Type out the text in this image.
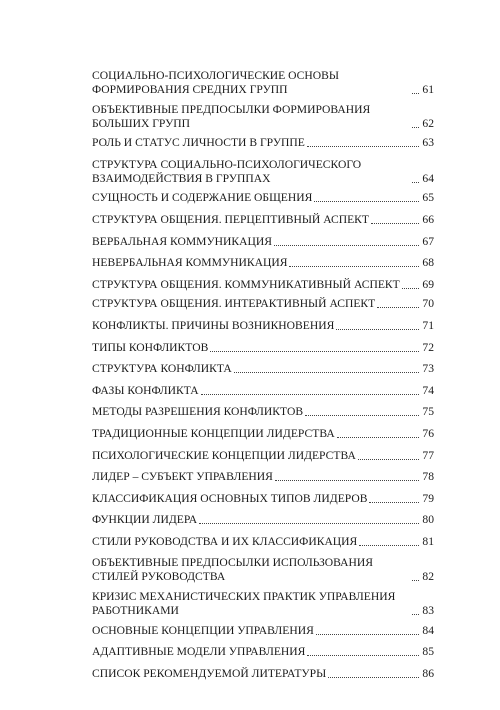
СОЦИАЛЬНО-ПСИХОЛОГИЧЕСКИЕ ОСНОВЫ ФОРМИРОВАНИЯ СРЕДНИХ ГРУПП	61
ОБЪЕКТИВНЫЕ ПРЕДПОСЫЛКИ ФОРМИРОВАНИЯ БОЛЬШИХ ГРУПП	62
РОЛЬ И СТАТУС ЛИЧНОСТИ В ГРУППЕ	63
СТРУКТУРА СОЦИАЛЬНО-ПСИХОЛОГИЧЕСКОГО ВЗАИМОДЕЙСТВИЯ В ГРУППАХ	64
СУЩНОСТЬ И СОДЕРЖАНИЕ ОБЩЕНИЯ	65
СТРУКТУРА ОБЩЕНИЯ. ПЕРЦЕПТИВНЫЙ АСПЕКТ	66
ВЕРБАЛЬНАЯ КОММУНИКАЦИЯ	67
НЕВЕРБАЛЬНАЯ КОММУНИКАЦИЯ	68
СТРУКТУРА ОБЩЕНИЯ. КОММУНИКАТИВНЫЙ АСПЕКТ 69
СТРУКТУРА ОБЩЕНИЯ. ИНТЕРАКТИВНЫЙ АСПЕКТ	70
КОНФЛИКТЫ. ПРИЧИНЫ ВОЗНИКНОВЕНИЯ	71
ТИПЫ КОНФЛИКТОВ	72
СТРУКТУРА КОНФЛИКТА	73
ФАЗЫ КОНФЛИКТА	74
МЕТОДЫ РАЗРЕШЕНИЯ КОНФЛИКТОВ	75
ТРАДИЦИОННЫЕ КОНЦЕПЦИИ ЛИДЕРСТВА	76
ПСИХОЛОГИЧЕСКИЕ КОНЦЕПЦИИ ЛИДЕРСТВА	77
ЛИДЕР – СУБЪЕКТ УПРАВЛЕНИЯ	78
КЛАССИФИКАЦИЯ ОСНОВНЫХ ТИПОВ ЛИДЕРОВ	79
ФУНКЦИИ ЛИДЕРА	80
СТИЛИ РУКОВОДСТВА И ИХ КЛАССИФИКАЦИЯ	81
ОБЪЕКТИВНЫЕ ПРЕДПОСЫЛКИ ИСПОЛЬЗОВАНИЯ СТИЛЕЙ РУКОВОДСТВА	82
КРИЗИС МЕХАНИСТИЧЕСКИХ ПРАКТИК УПРАВЛЕНИЯ РАБОТНИКАМИ	83
ОСНОВНЫЕ КОНЦЕПЦИИ УПРАВЛЕНИЯ	84
АДАПТИВНЫЕ МОДЕЛИ УПРАВЛЕНИЯ	85
СПИСОК РЕКОМЕНДУЕМОЙ ЛИТЕРАТУРЫ	86
